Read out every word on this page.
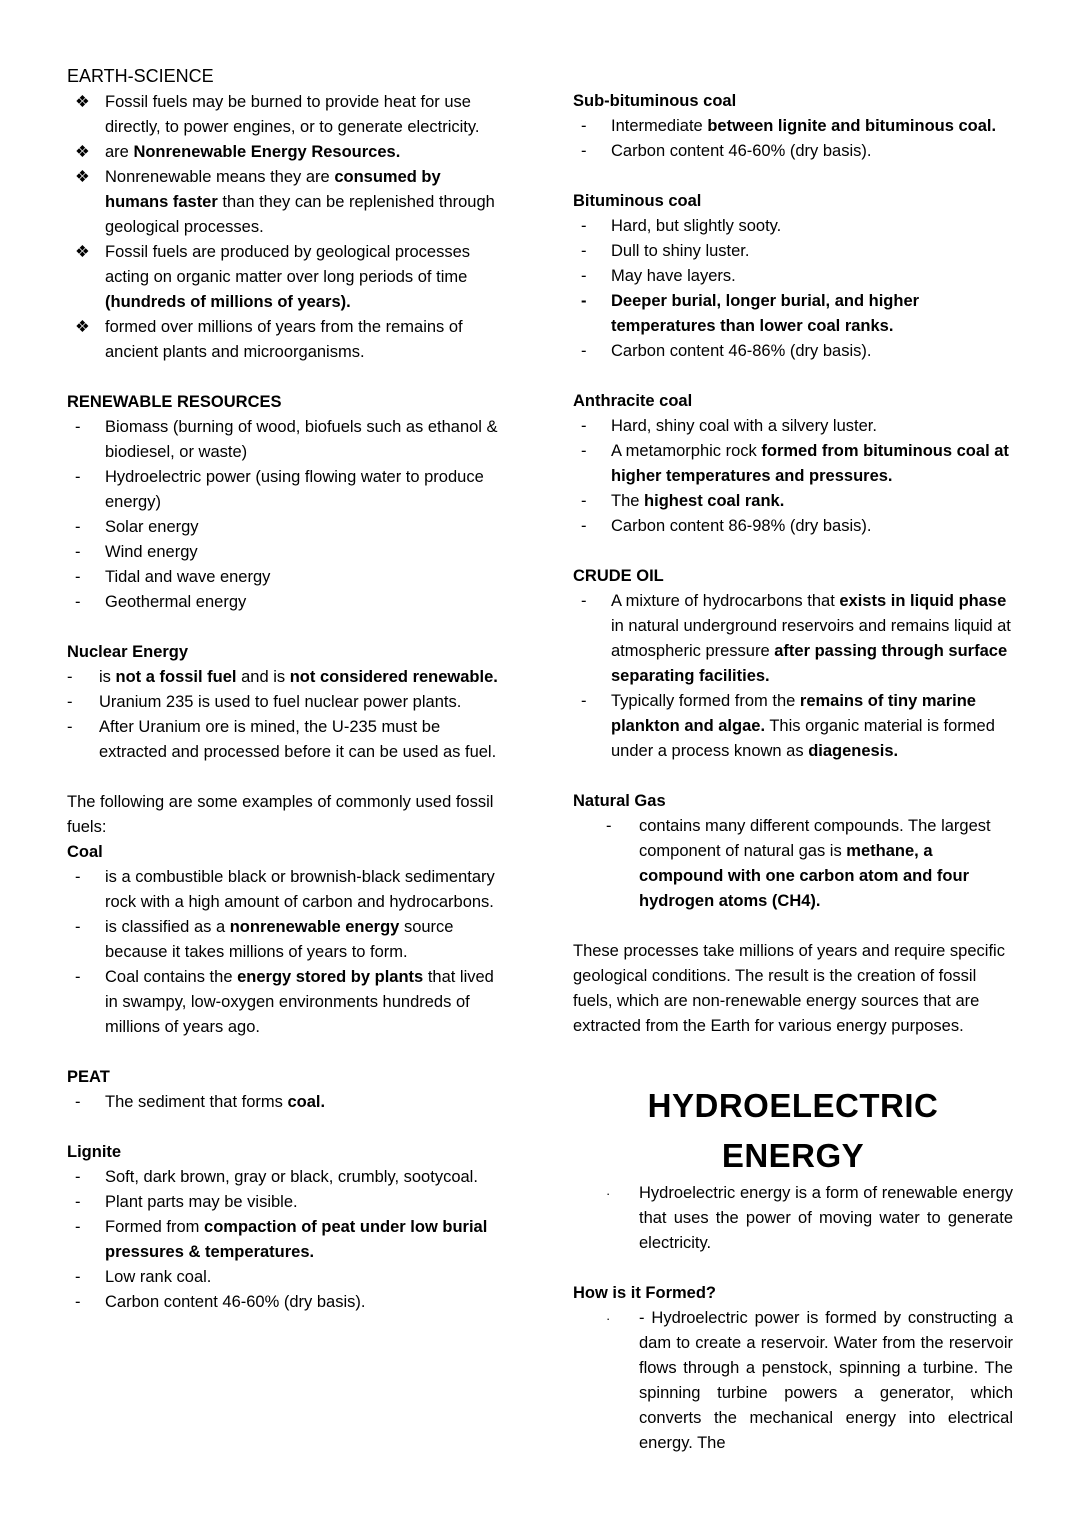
EARTH-SCIENCE
❖ Fossil fuels may be burned to provide heat for use directly, to power engines, or to generate electricity.
❖ are Nonrenewable Energy Resources.
❖ Nonrenewable means they are consumed by humans faster than they can be replenished through geological processes.
❖ Fossil fuels are produced by geological processes acting on organic matter over long periods of time (hundreds of millions of years).
❖ formed over millions of years from the remains of ancient plants and microorganisms.
RENEWABLE RESOURCES
- Biomass (burning of wood, biofuels such as ethanol & biodiesel, or waste)
- Hydroelectric power (using flowing water to produce energy)
- Solar energy
- Wind energy
- Tidal and wave energy
- Geothermal energy
Nuclear Energy
- is not a fossil fuel and is not considered renewable.
- Uranium 235 is used to fuel nuclear power plants.
- After Uranium ore is mined, the U-235 must be extracted and processed before it can be used as fuel.
The following are some examples of commonly used fossil fuels:
Coal
- is a combustible black or brownish-black sedimentary rock with a high amount of carbon and hydrocarbons.
- is classified as a nonrenewable energy source because it takes millions of years to form.
- Coal contains the energy stored by plants that lived in swampy, low-oxygen environments hundreds of millions of years ago.
PEAT
- The sediment that forms coal.
Lignite
- Soft, dark brown, gray or black, crumbly, sootycoal.
- Plant parts may be visible.
- Formed from compaction of peat under low burial pressures & temperatures.
- Low rank coal.
- Carbon content 46-60% (dry basis).
Sub-bituminous coal
- Intermediate between lignite and bituminous coal.
- Carbon content 46-60% (dry basis).
Bituminous coal
- Hard, but slightly sooty.
- Dull to shiny luster.
- May have layers.
- Deeper burial, longer burial, and higher temperatures than lower coal ranks.
- Carbon content 46-86% (dry basis).
Anthracite coal
- Hard, shiny coal with a silvery luster.
- A metamorphic rock formed from bituminous coal at higher temperatures and pressures.
- The highest coal rank.
- Carbon content 86-98% (dry basis).
CRUDE OIL
- A mixture of hydrocarbons that exists in liquid phase in natural underground reservoirs and remains liquid at atmospheric pressure after passing through surface separating facilities.
- Typically formed from the remains of tiny marine plankton and algae. This organic material is formed under a process known as diagenesis.
Natural Gas
- contains many different compounds. The largest component of natural gas is methane, a compound with one carbon atom and four hydrogen atoms (CH4).
These processes take millions of years and require specific geological conditions. The result is the creation of fossil fuels, which are non-renewable energy sources that are extracted from the Earth for various energy purposes.
HYDROELECTRIC ENERGY
· Hydroelectric energy is a form of renewable energy that uses the power of moving water to generate electricity.
How is it Formed?
· - Hydroelectric power is formed by constructing a dam to create a reservoir. Water from the reservoir flows through a penstock, spinning a turbine. The spinning turbine powers a generator, which converts the mechanical energy into electrical energy. The
